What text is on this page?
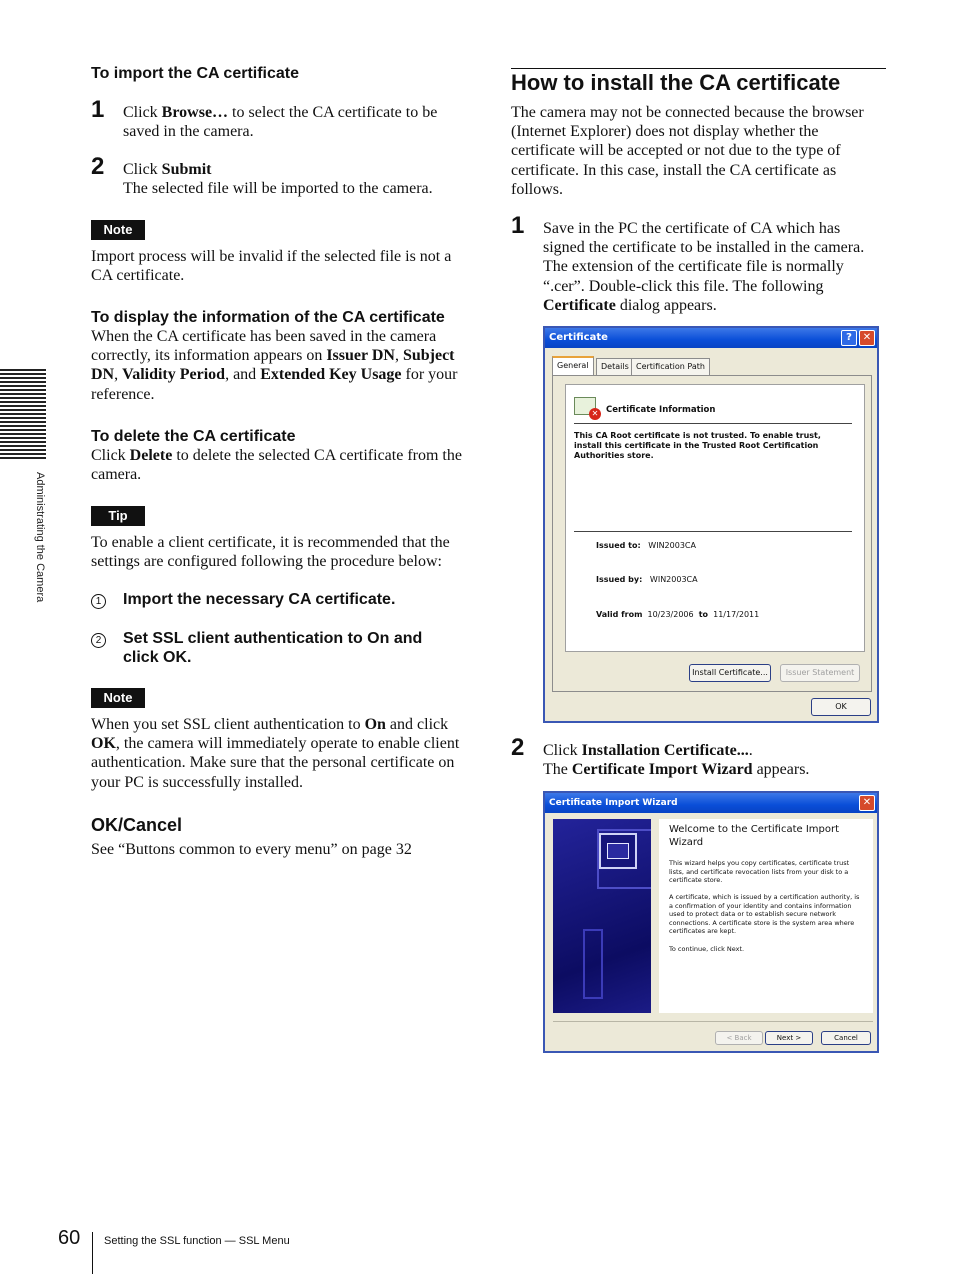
Administrating the Camera
To import the CA certificate
1 Click Browse… to select the CA certificate to be saved in the camera.

2 Click Submit
The selected file will be imported to the camera.

Note

Import process will be invalid if the selected file is not a CA certificate.

To display the information of the CA certificate

When the CA certificate has been saved in the camera correctly, its information appears on Issuer DN, Subject DN, Validity Period, and Extended Key Usage for your reference.

To delete the CA certificate

Click Delete to delete the selected CA certificate from the camera.

Tip

To enable a client certificate, it is recommended that the settings are configured following the procedure below:

1 Import the necessary CA certificate.

2 Set SSL client authentication to On and click OK.

Note

When you set SSL client authentication to On and click OK, the camera will immediately operate to enable client authentication. Make sure that the personal certificate on your PC is successfully installed.

OK/Cancel

See “Buttons common to every menu” on page 32

How to install the CA certificate

The camera may not be connected because the browser (Internet Explorer) does not display whether the certificate will be accepted or not due to the type of certificate. In this case, install the CA certificate as follows.

1 Save in the PC the certificate of CA which has signed the certificate to be installed in the camera. The extension of the certificate file is normally “.cer”. Double-click this file. The following Certificate dialog appears.

Certificate	?	✕
General	Details Certification Path
✕ Certificate Information
This CA Root certificate is not trusted. To enable trust, install this certificate in the Trusted Root Certification Authorities store.
Issued to: WIN2003CA
Issued by: WIN2003CA
Valid from 10/23/2006 to 11/17/2011
Install Certificate...	Issuer Statement
OK
2 Click Installation Certificate....
The Certificate Import Wizard appears.

Certificate Import Wizard	✕
Welcome to the Certificate Import Wizard
This wizard helps you copy certificates, certificate trust lists, and certificate revocation lists from your disk to a certificate store.
A certificate, which is issued by a certification authority, is a confirmation of your identity and contains information used to protect data or to establish secure network connections. A certificate store is the system area where certificates are kept.
To continue, click Next.
< Back	Next >	Cancel
60 Setting the SSL function — SSL Menu
